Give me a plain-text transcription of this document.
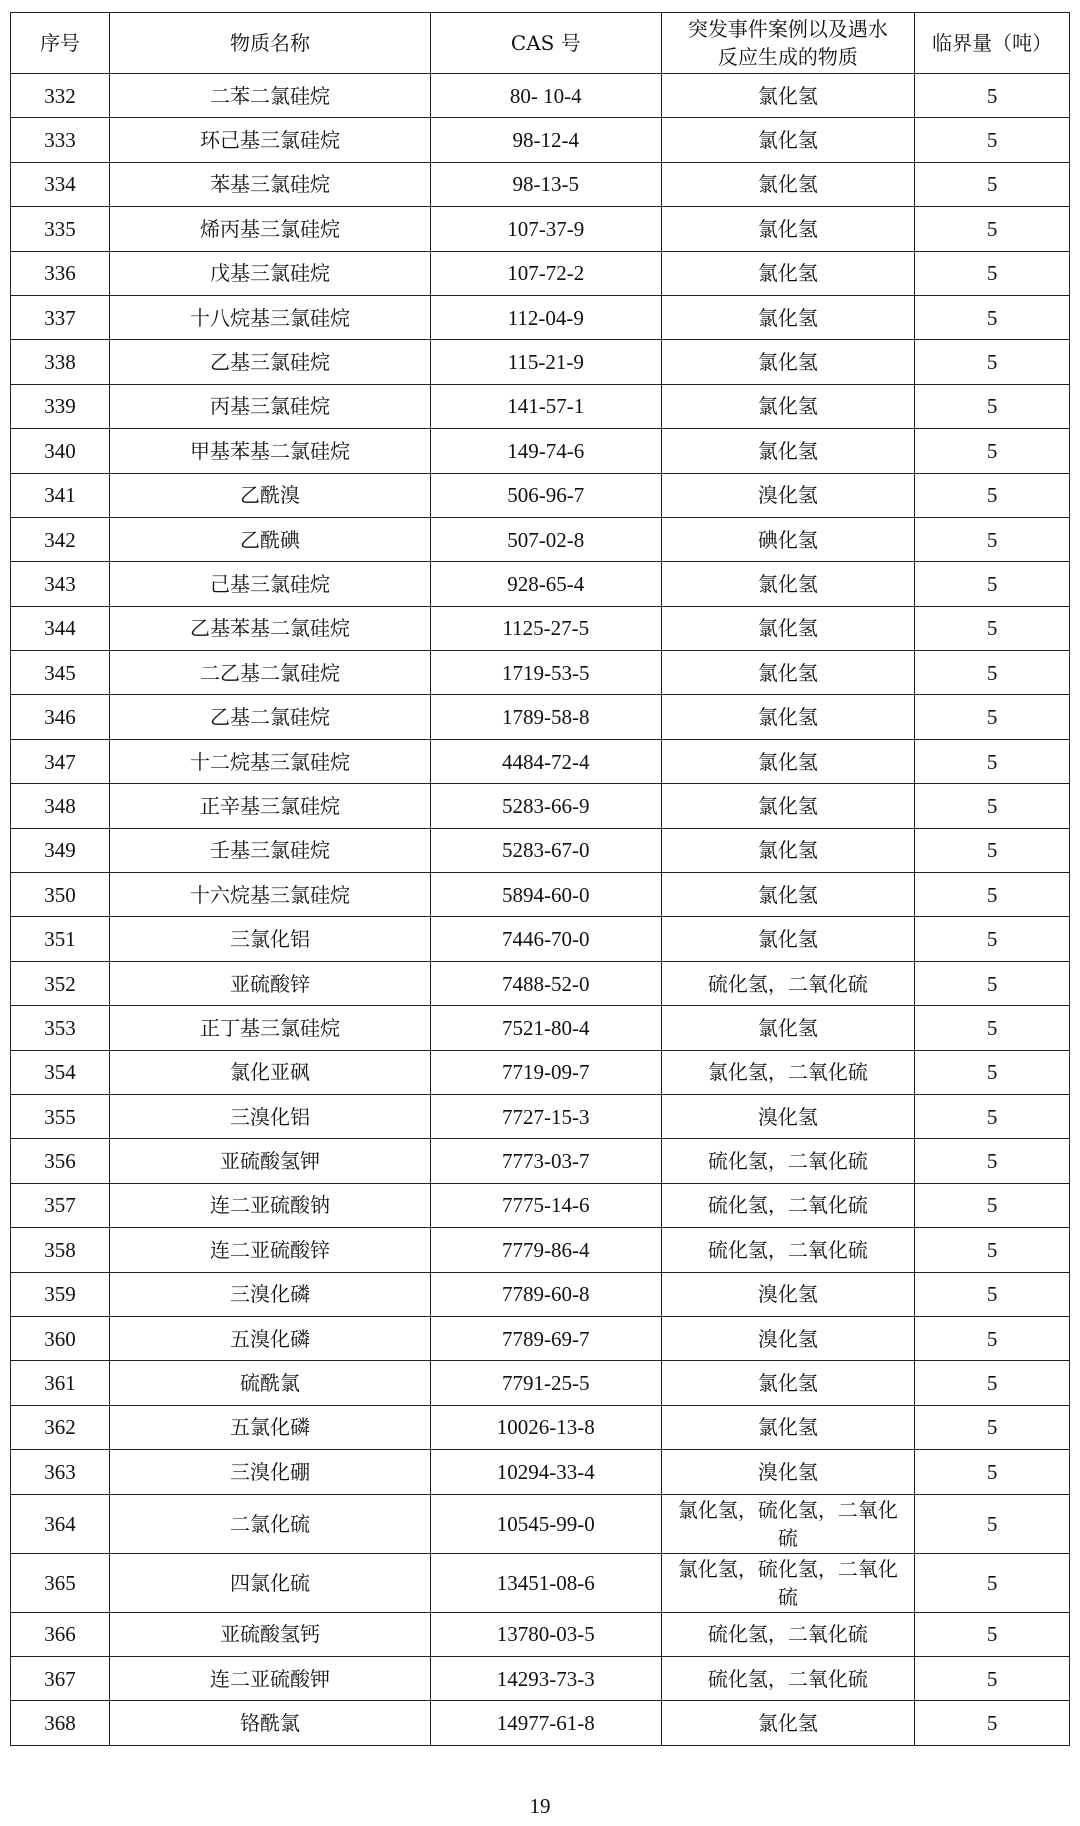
序号	物质名称	CAS 号	突发事件案例以及遇水反应生成的物质	临界量（吨）
332	二苯二氯硅烷	80- 10-4	氯化氢	5
333	环己基三氯硅烷	98-12-4	氯化氢	5
334	苯基三氯硅烷	98-13-5	氯化氢	5
335	烯丙基三氯硅烷	107-37-9	氯化氢	5
336	戊基三氯硅烷	107-72-2	氯化氢	5
337	十八烷基三氯硅烷	112-04-9	氯化氢	5
338	乙基三氯硅烷	115-21-9	氯化氢	5
339	丙基三氯硅烷	141-57-1	氯化氢	5
340	甲基苯基二氯硅烷	149-74-6	氯化氢	5
341	乙酰溴	506-96-7	溴化氢	5
342	乙酰碘	507-02-8	碘化氢	5
343	己基三氯硅烷	928-65-4	氯化氢	5
344	乙基苯基二氯硅烷	1125-27-5	氯化氢	5
345	二乙基二氯硅烷	1719-53-5	氯化氢	5
346	乙基二氯硅烷	1789-58-8	氯化氢	5
347	十二烷基三氯硅烷	4484-72-4	氯化氢	5
348	正辛基三氯硅烷	5283-66-9	氯化氢	5
349	壬基三氯硅烷	5283-67-0	氯化氢	5
350	十六烷基三氯硅烷	5894-60-0	氯化氢	5
351	三氯化铝	7446-70-0	氯化氢	5
352	亚硫酸锌	7488-52-0	硫化氢，二氧化硫	5
353	正丁基三氯硅烷	7521-80-4	氯化氢	5
354	氯化亚砜	7719-09-7	氯化氢，二氧化硫	5
355	三溴化铝	7727-15-3	溴化氢	5
356	亚硫酸氢钾	7773-03-7	硫化氢，二氧化硫	5
357	连二亚硫酸钠	7775-14-6	硫化氢，二氧化硫	5
358	连二亚硫酸锌	7779-86-4	硫化氢，二氧化硫	5
359	三溴化磷	7789-60-8	溴化氢	5
360	五溴化磷	7789-69-7	溴化氢	5
361	硫酰氯	7791-25-5	氯化氢	5
362	五氯化磷	10026-13-8	氯化氢	5
363	三溴化硼	10294-33-4	溴化氢	5
364	二氯化硫	10545-99-0	氯化氢，硫化氢，二氧化硫	5
365	四氯化硫	13451-08-6	氯化氢，硫化氢，二氧化硫	5
366	亚硫酸氢钙	13780-03-5	硫化氢，二氧化硫	5
367	连二亚硫酸钾	14293-73-3	硫化氢，二氧化硫	5
368	铬酰氯	14977-61-8	氯化氢	5
19
